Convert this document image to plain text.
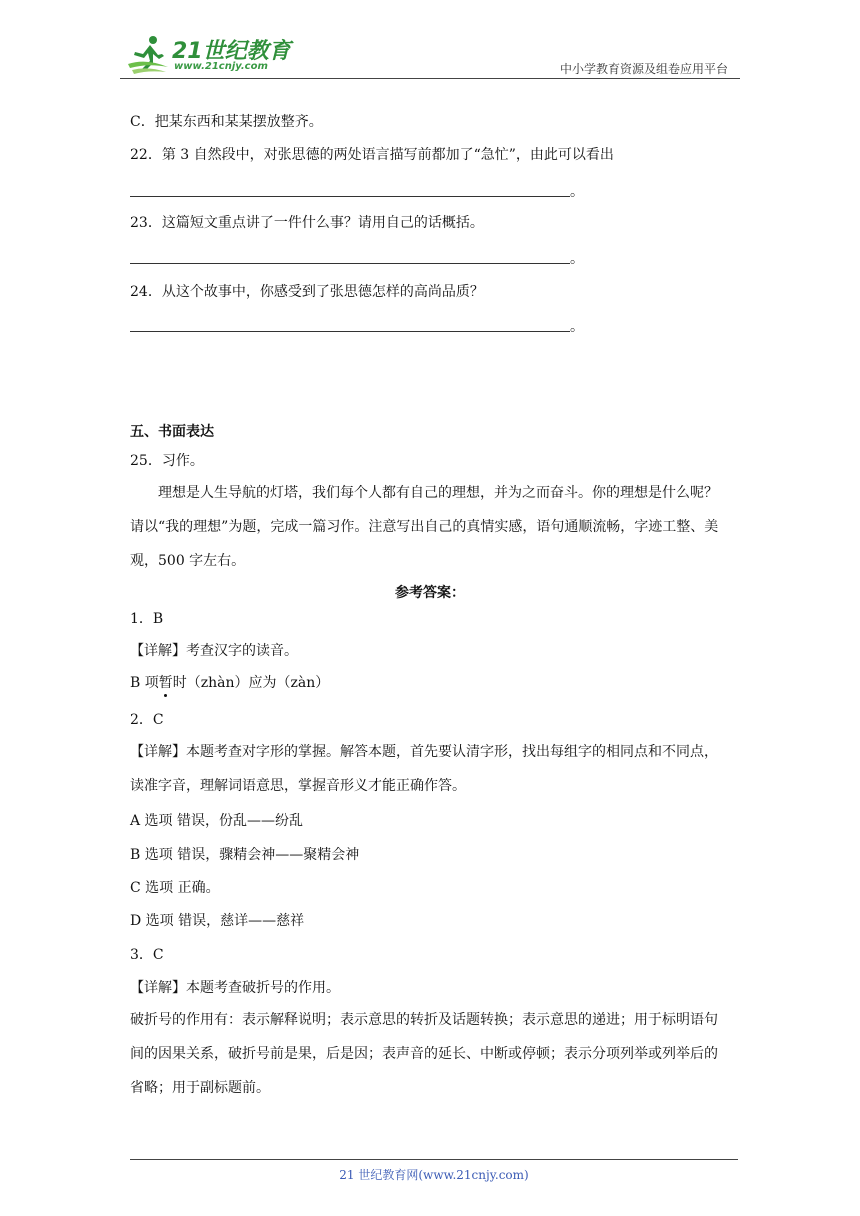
21世纪教育
www.21cnjy.com	中小学教育资源及组卷应用平台
C．把某东西和某某摆放整齐。
22．第 3 自然段中，对张思德的两处语言描写前都加了“急忙”，由此可以看出
。
23．这篇短文重点讲了一件什么事？请用自己的话概括。
。
24．从这个故事中，你感受到了张思德怎样的高尚品质？
。
五、书面表达
25．习作。
理想是人生导航的灯塔，我们每个人都有自己的理想，并为之而奋斗。你的理想是什么呢？请以“我的理想”为题，完成一篇习作。注意写出自己的真情实感，语句通顺流畅，字迹工整、美观，500 字左右。
参考答案：
1．B
【详解】考查汉字的读音。
B 项暂时（zhàn）应为（zàn）
2．C
【详解】本题考查对字形的掌握。解答本题，首先要认清字形，找出每组字的相同点和不同点，读准字音，理解词语意思，掌握音形义才能正确作答。
A 选项 错误，份乱——纷乱
B 选项 错误，骤精会神——聚精会神
C 选项 正确。
D 选项 错误，慈详——慈祥
3．C
【详解】本题考查破折号的作用。
破折号的作用有：表示解释说明；表示意思的转折及话题转换；表示意思的递进；用于标明语句间的因果关系，破折号前是果，后是因；表声音的延长、中断或停顿；表示分项列举或列举后的省略；用于副标题前。
21 世纪教育网(www.21cnjy.com)
